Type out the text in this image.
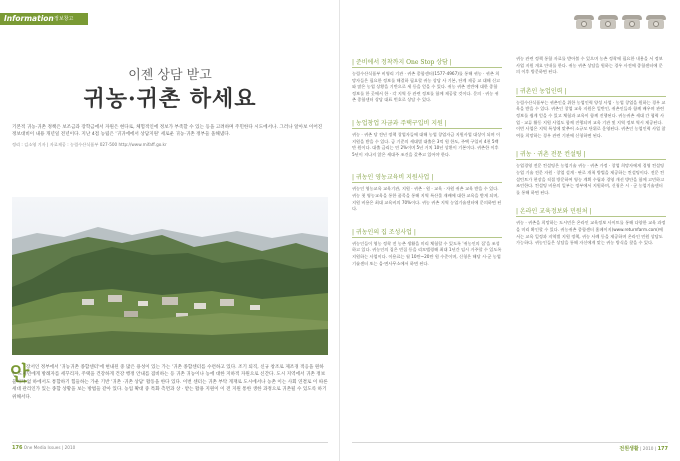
Information 정보창고
이젠 상담 받고
귀농·귀촌 하세요

기본적 귀농·귀촌 정책은 보조금과 장학금에서 자원은 현다로, 체험적인에 정보가 부족할 수 있는 등을 고려하며 주민한다 시도에서나. 그러나 알아보 이어진 정보대비이 내용 개년일 전년이다. 지난 4점 농립은 '귀귀에에서 상담지원' 세로운 귀농·귀촌 정부들 올해냈다.

정리 : 김소영 기자 | 자료제공 : 농림수산식품부 027-500 http://www.mifaff.go.kr

안

장서인 정부에서 '귀농귀촌 종합센터'에 현내된 중 많은 용성이 있는 가는 '귀촌 종합센터를 수련하고 있다. 조기 퇴직, 신규 창조로 제조경 적응을 원하는 도시민에게 방례자를 세꾸리자, 주택을 건강하게 건강 행정 안내를 겸비하는 등 귀촌 귀농이나 농에 대한 지하적 자원으로 신간다. 도시 지역에서 귀촌 정보들이가 없 하에서도 통합하기 힘들하는 가운 기반 '귀촌 ·귀촌 상담' 활동을 한다 있다. 이번 센터는 귀촌 부탁 게재로 도시에서나 농촌 이는 사회 연결로 이 따른 세대 관리인가 있는 종합 상황을 보는 방법들 같아 있다. 농업 확대 중 특화 측면과 상 · 받는 활용 지원이 이 전 지원 통한 생한 과정으로 귀촌될 수 있도록 하기 위해서다.

176 One Media Issues | 2010
| 준비에서 정착까지 One Stop 상담 |

농림수산식품부 비영리 기관 · 귀촌 종합센터(1577-4967)를 통해 귀농 · 귀촌 희망자들은 필요한 정보를 해결하 필요할 귀농 상담 사 기본, 단계 제공 교 대해 신고와 많은 농업 상황을 기반으로 세 등을 얻을 수 있다. 귀농 귀촌 전반에 대한 종합 정보를 한 곳에서 한 · 각 지역 등 관련 정보를 함께 제공할 것이다. 문의 · 귀농 귀촌 종합센터 상담 대표 번호로 상담 수 있다.

| 농업창업 자금과 주택구입비 지원 |

귀농 · 귀촌 당 전년 정책 창업자들에 대해 농업 창업자금 지원사업 대상이 되며 이 지원을 받을 수 있다. 금 기준의 세대별 대출은 3억 원 한도, 주택 구입비 4천 5백만 원이다. 대출 금리는 연 2%이며 5년 거치 10년 상환이 기본이다. 귀촌한 이후 5년이 지나지 않은 세대주 조건을 갖추고 있어야 한다.

| 귀농인 영농교육비 지원사업 |

귀농인 영농교육 교육기관, 지원 · 귀촌 · 원 · 교육 · 자원 귀촌 교육 받을 수 있다. 귀농 첫 영농교육을 통한 품목을 통해 지역 특산물 재배에 대한 교육을 받게 되며, 지원 비용은 최대 교육비의 70%이다. 귀농 귀촌 지역 농업기술센터에 문의하면 된다.

| 귀농인의 집 조성사업 |

귀농인들이 영농 정착 전 농촌 생활을 미리 체험할 수 있도록 '귀농인의 집'을 조성하고 있다. 귀농인의 집은 빈집 등을 리모델링해 최대 1년간 임시 거주할 수 있도록 지원하는 사업이다. 이용료는 월 10만~20만 원 수준이며, 신청은 해당 시·군 농업기술센터 또는 읍·면사무소에서 하면 된다.

귀농 관련 정책 통합 자료를 받아볼 수 있으며 농촌 정착에 필요한 내용을 서 정보 사업 지원 개요 안내를 한다. 귀농 귀촌 상담을 원하는 경우 사전에 종합센터에 문의 이후 방문하면 된다.

| 귀촌인 농업인력 |

농림수산식품부는 귀촌인을 위한 농업인력 양성 사업 · 농업 창업을 원하는 경우 교육을 받을 수 있다. 귀촌인 창업 교육 지원은 일반인, 귀촌인들과 함께 배우며 관련 정보를 쉽게 얻을 수 있고 체험과 교육이 함께 진행된다. 귀농귀촌 세대 간 협력 사업 · 교류 활동 지원 사업도 함께 진행되며 교육 기관 및 지역 정보 역시 제공된다. 이번 사업은 지역 특성에 맞추어 소규모 단위로 운영된다. 귀촌인 농업인력 사업 참여를 희망하는 경우 관련 기관에 신청하면 된다.

| 귀농 · 귀촌 전문 컨설팅 |

농업경영 전문 컨설팅은 농업기술 귀농 · 귀촌 가정 · 창업 희망자에게 경영 컨설팅 농업 기술 전문 자원 · 창업 설계 · 판로 개척 방법을 제공하는 컨설팅이다. 전문 컨설턴트가 현장을 직접 방문하여 영농 계획 수립과 경영 개선 방안을 함께 고민하고 조언한다. 컨설팅 비용의 일부는 정부에서 지원하며, 신청은 시 · 군 농업기술센터를 통해 하면 된다.

| 온라인 교육정보와 민원처 |

귀농 · 귀촌을 희망하는 도시민은 온라인 교육정보 사이트를 통해 다양한 교육 과정을 미리 확인할 수 있다. 귀농귀촌 종합센터 홈페이지(www.returnfarm.com)에서는 교육 일정과 지역별 지원 정책, 귀농 사례 등을 제공하며 온라인 민원 상담도 가능하다. 귀농인들은 상담을 통해 자신에게 맞는 귀농 방식을 찾을 수 있다.

전원생활 | 2010 | 177
